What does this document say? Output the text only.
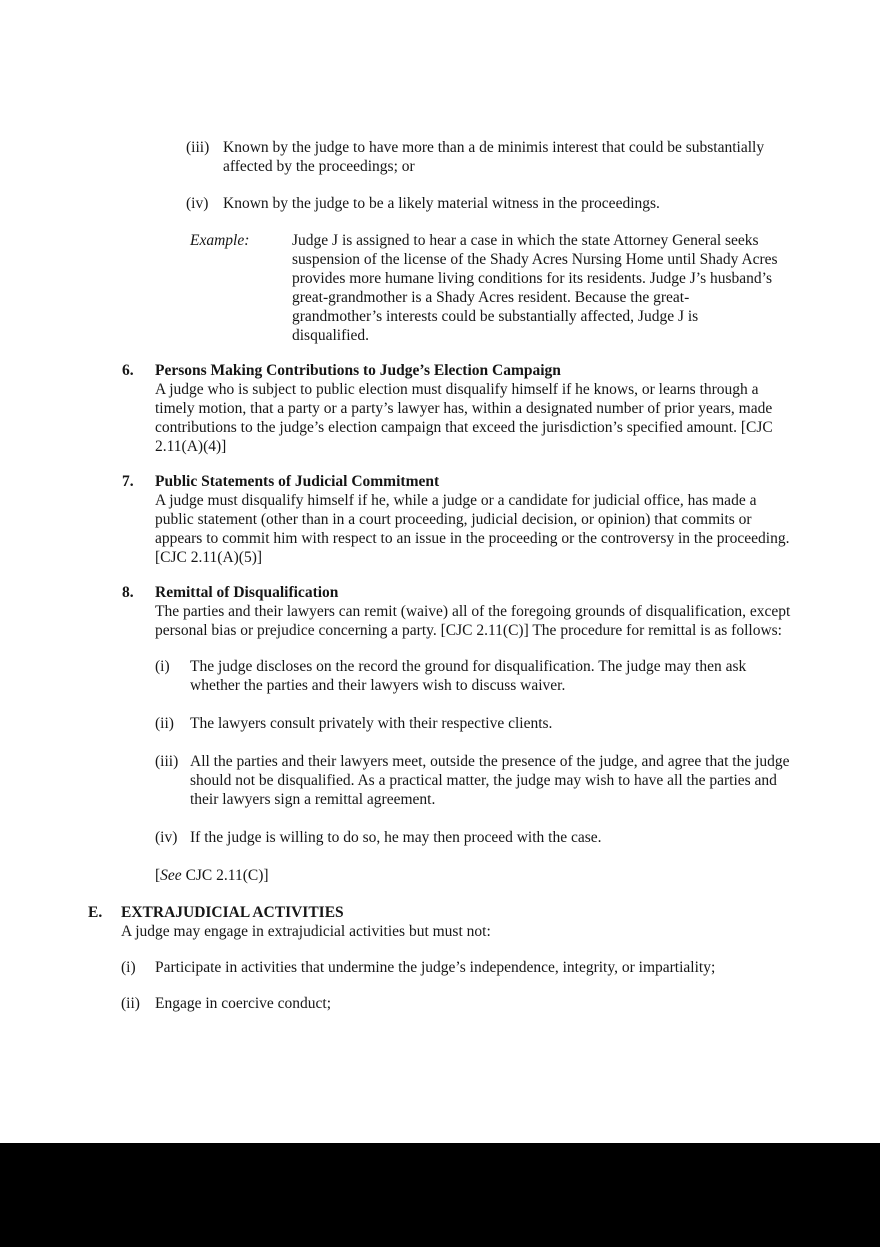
(iii) Known by the judge to have more than a de minimis interest that could be substantially affected by the proceedings; or
(iv) Known by the judge to be a likely material witness in the proceedings.
Example:	Judge J is assigned to hear a case in which the state Attorney General seeks suspension of the license of the Shady Acres Nursing Home until Shady Acres provides more humane living conditions for its residents. Judge J’s husband’s great-grandmother is a Shady Acres resident. Because the great-grandmother’s interests could be substantially affected, Judge J is disqualified.
6.	Persons Making Contributions to Judge’s Election Campaign
A judge who is subject to public election must disqualify himself if he knows, or learns through a timely motion, that a party or a party’s lawyer has, within a designated number of prior years, made contributions to the judge’s election campaign that exceed the jurisdiction’s specified amount. [CJC 2.11(A)(4)]
7.	Public Statements of Judicial Commitment
A judge must disqualify himself if he, while a judge or a candidate for judicial office, has made a public statement (other than in a court proceeding, judicial decision, or opinion) that commits or appears to commit him with respect to an issue in the proceeding or the controversy in the proceeding. [CJC 2.11(A)(5)]
8.	Remittal of Disqualification
The parties and their lawyers can remit (waive) all of the foregoing grounds of disqualification, except personal bias or prejudice concerning a party. [CJC 2.11(C)] The procedure for remittal is as follows:
(i)	The judge discloses on the record the ground for disqualification. The judge may then ask whether the parties and their lawyers wish to discuss waiver.
(ii)	The lawyers consult privately with their respective clients.
(iii) All the parties and their lawyers meet, outside the presence of the judge, and agree that the judge should not be disqualified. As a practical matter, the judge may wish to have all the parties and their lawyers sign a remittal agreement.
(iv) If the judge is willing to do so, he may then proceed with the case.
[See CJC 2.11(C)]
E.	EXTRAJUDICIAL ACTIVITIES
A judge may engage in extrajudicial activities but must not:
(i)	Participate in activities that undermine the judge’s independence, integrity, or impartiality;
(ii) Engage in coercive conduct;
